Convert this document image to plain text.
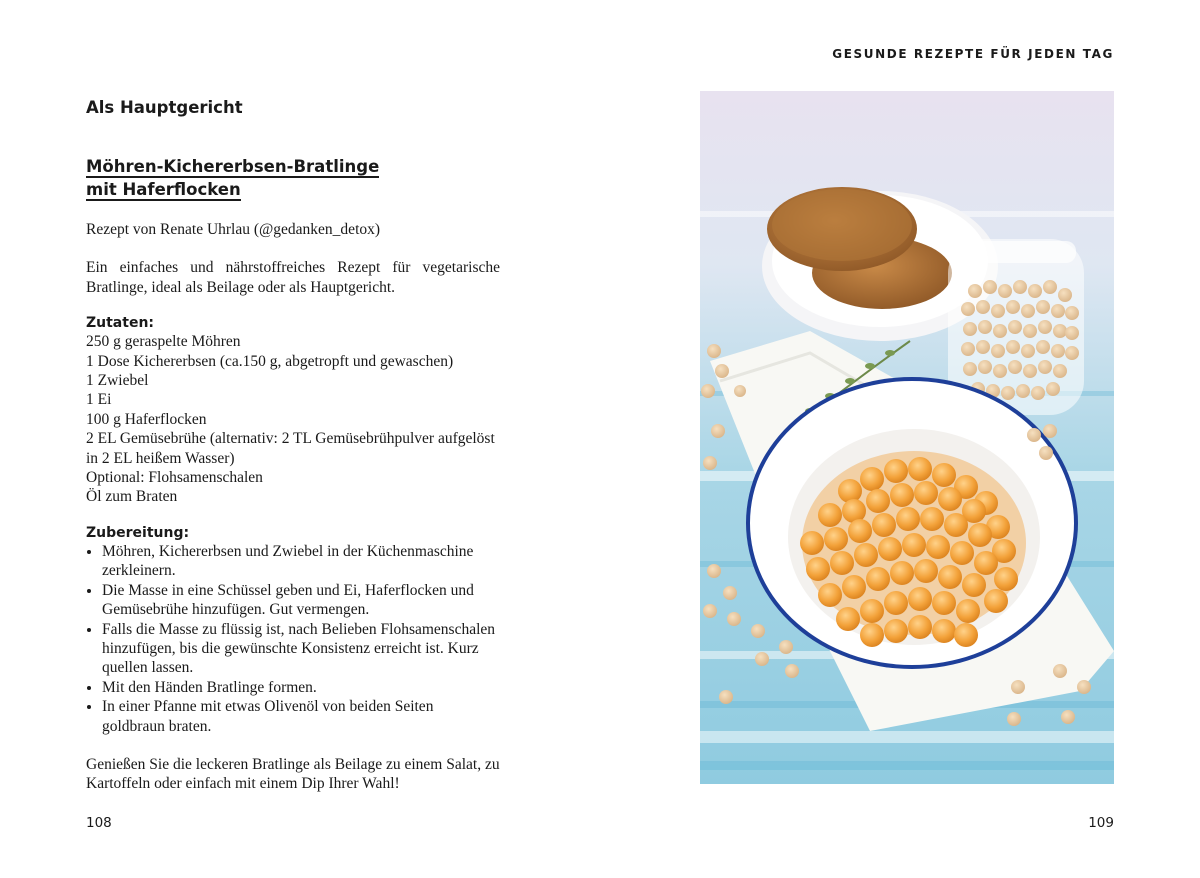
GESUNDE REZEPTE FÜR JEDEN TAG
Als Hauptgericht
Möhren-Kichererbsen-Bratlinge
mit Haferflocken

Rezept von Renate Uhrlau (@gedanken_detox)

Ein einfaches und nährstoffreiches Rezept für vegetarische Bratlinge, ideal als Beilage oder als Hauptgericht.

Zutaten:
250 g geraspelte Möhren
1 Dose Kichererbsen (ca.150 g, abgetropft und gewaschen)
1 Zwiebel
1 Ei
100 g Haferflocken
2 EL Gemüsebrühe (alternativ: 2 TL Gemüsebrühpulver aufgelöst in 2 EL heißem Wasser)
Optional: Flohsamenschalen
Öl zum Braten
Zubereitung:
• Möhren, Kichererbsen und Zwiebel in der Küchenmaschine zerkleinern.
• Die Masse in eine Schüssel geben und Ei, Haferflocken und Gemüsebrühe hinzufügen. Gut vermengen.
• Falls die Masse zu flüssig ist, nach Belieben Flohsamenschalen hinzufügen, bis die gewünschte Konsistenz erreicht ist. Kurz quellen lassen.
• Mit den Händen Bratlinge formen.
• In einer Pfanne mit etwas Olivenöl von beiden Seiten goldbraun braten.

Genießen Sie die leckeren Bratlinge als Beilage zu einem Salat, zu Kartoffeln oder einfach mit einem Dip Ihrer Wahl!

108	109
